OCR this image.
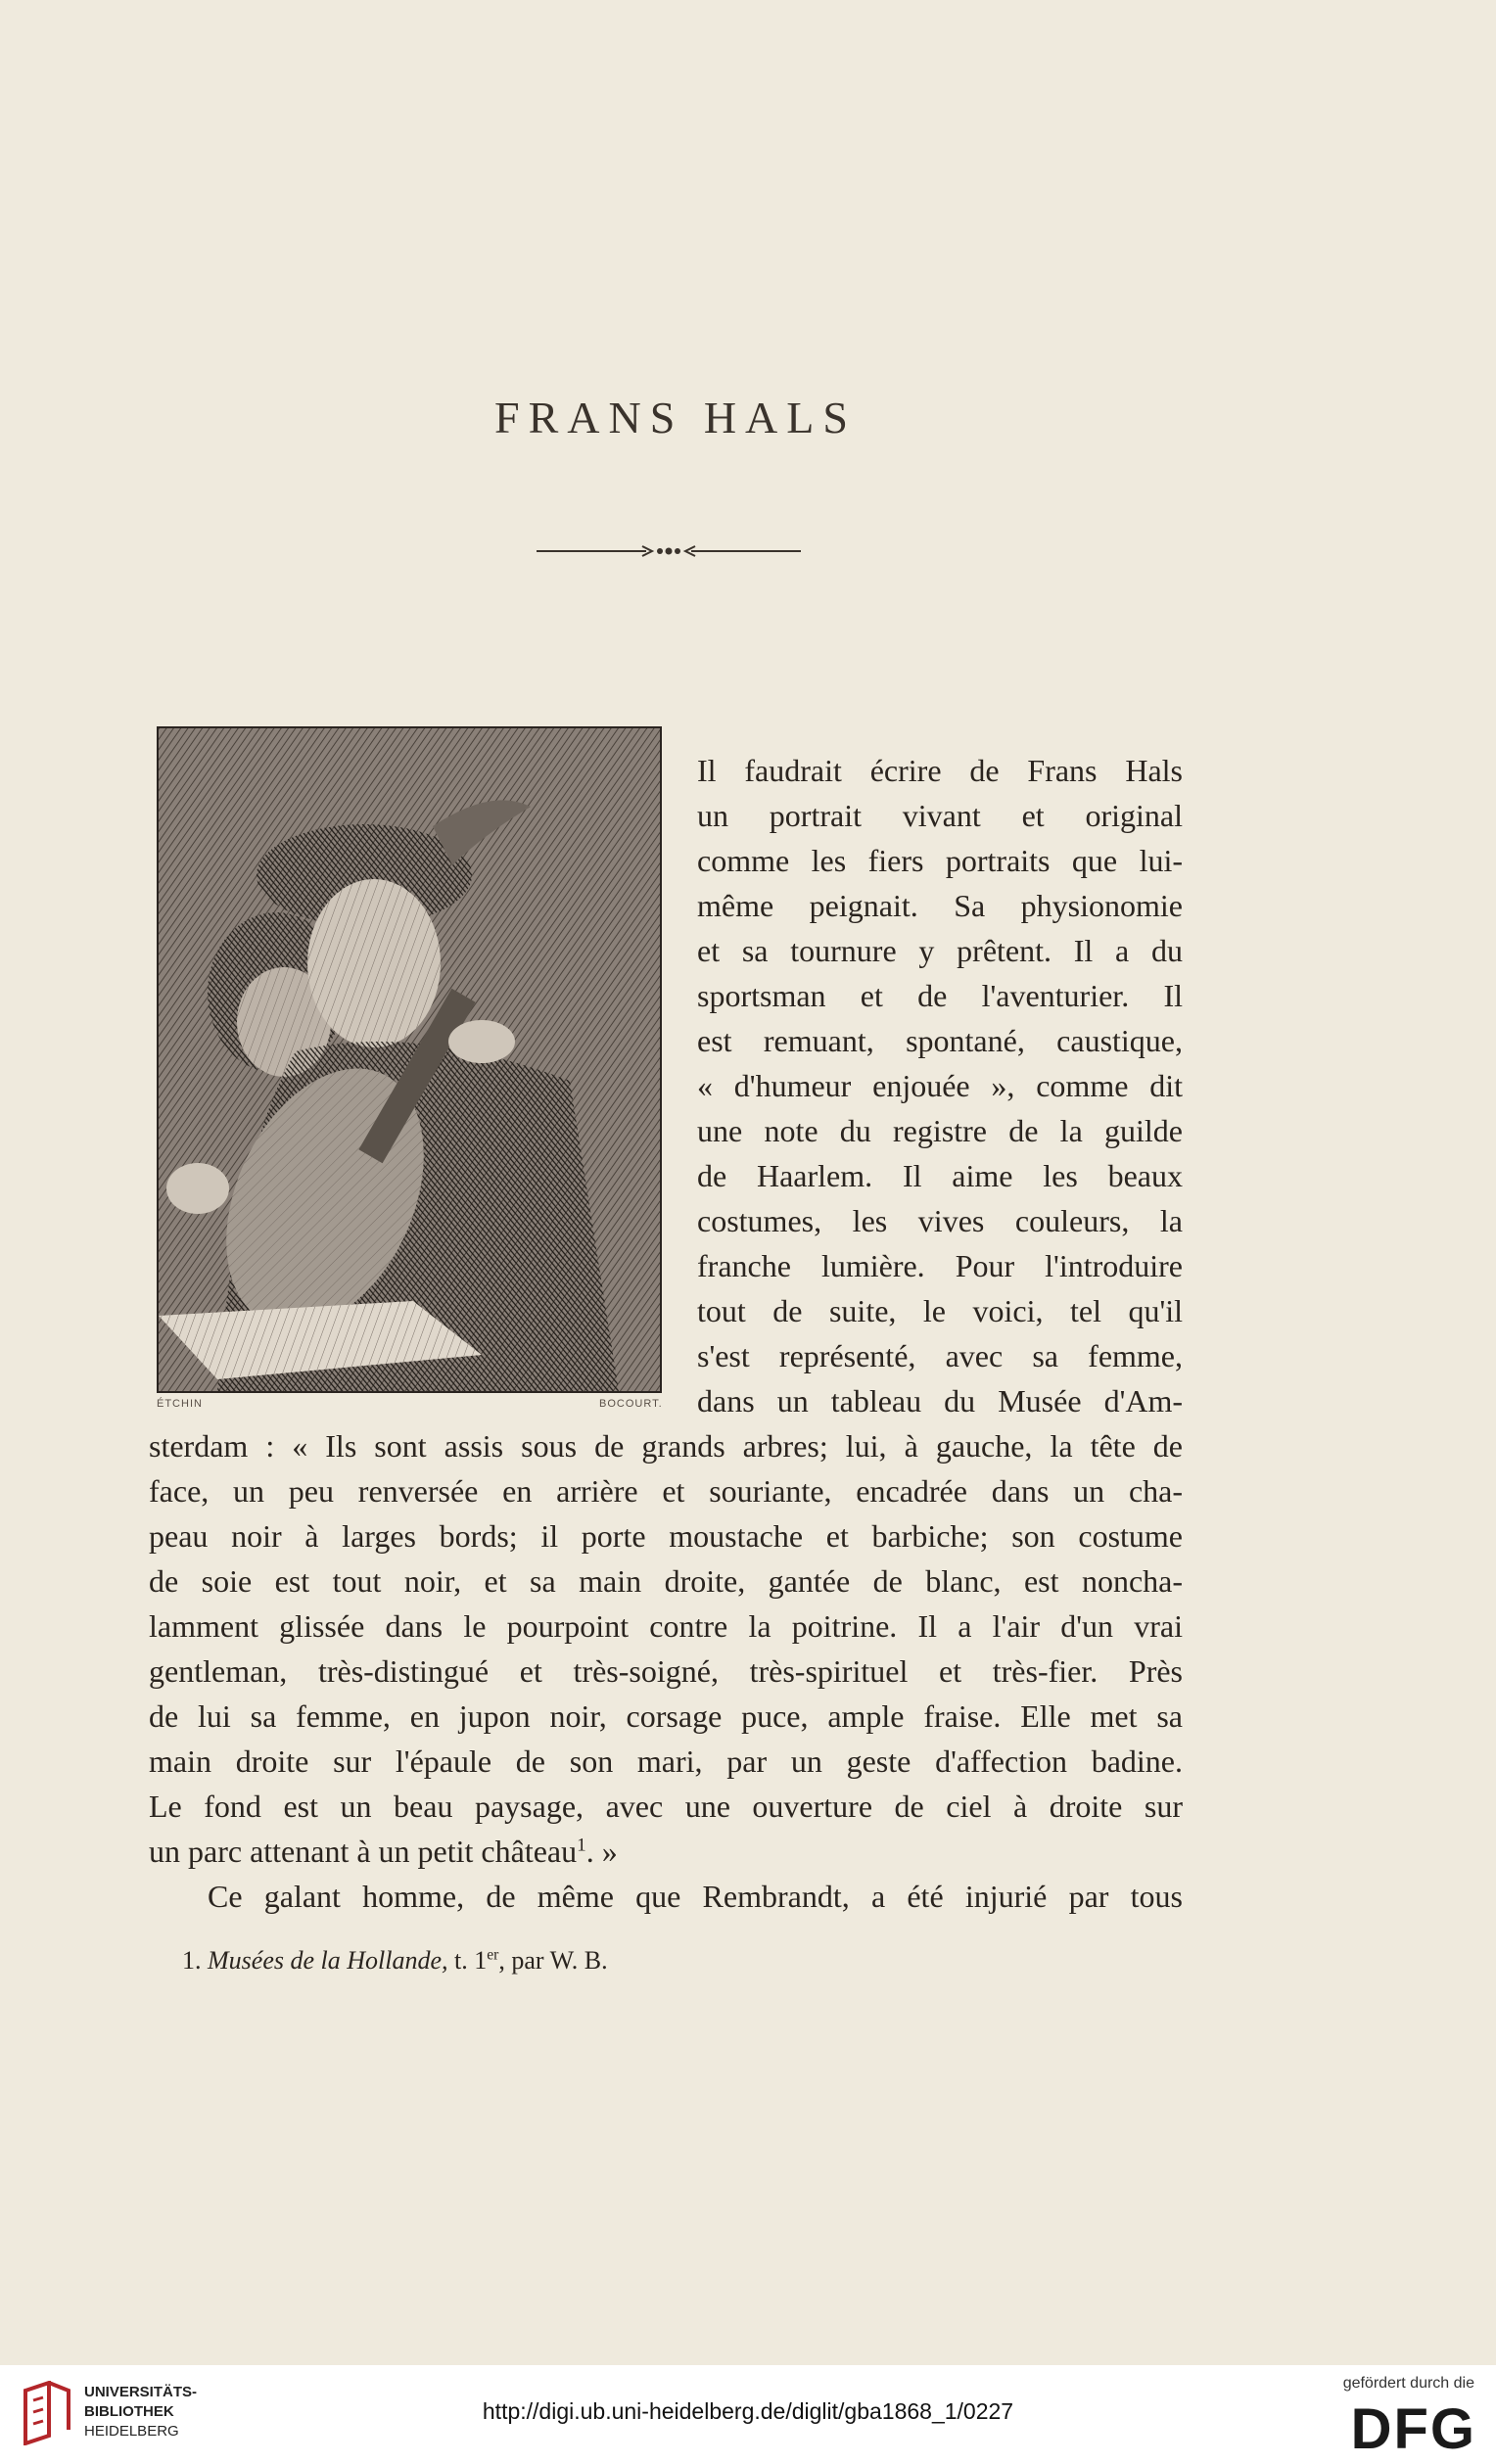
FRANS HALS
ÉTCHIN	BOCOURT.
Il faudrait écrire de Frans Hals
un portrait vivant et original
comme les fiers portraits que lui-
même peignait. Sa physionomie
et sa tournure y prêtent. Il a du
sportsman et de l'aventurier. Il
est remuant, spontané, caustique,
« d'humeur enjouée », comme dit
une note du registre de la guilde
de Haarlem. Il aime les beaux
costumes, les vives couleurs, la
franche lumière. Pour l'introduire
tout de suite, le voici, tel qu'il
s'est représenté, avec sa femme,
dans un tableau du Musée d'Am-
sterdam : « Ils sont assis sous de grands arbres; lui, à gauche, la tête de
face, un peu renversée en arrière et souriante, encadrée dans un cha-
peau noir à larges bords; il porte moustache et barbiche; son costume
de soie est tout noir, et sa main droite, gantée de blanc, est noncha-
lamment glissée dans le pourpoint contre la poitrine. Il a l'air d'un vrai
gentleman, très-distingué et très-soigné, très-spirituel et très-fier. Près
de lui sa femme, en jupon noir, corsage puce, ample fraise. Elle met sa
main droite sur l'épaule de son mari, par un geste d'affection badine.
Le fond est un beau paysage, avec une ouverture de ciel à droite sur
un parc attenant à un petit château$^1$. »
Ce galant homme, de même que Rembrandt, a été injurié par tous
1. Musées de la Hollande, t. 1er, par W. B.
UNIVERSITÄTS-
BIBLIOTHEK
HEIDELBERG
http://digi.ub.uni-heidelberg.de/diglit/gba1868_1/0227
gefördert durch die
DFG
